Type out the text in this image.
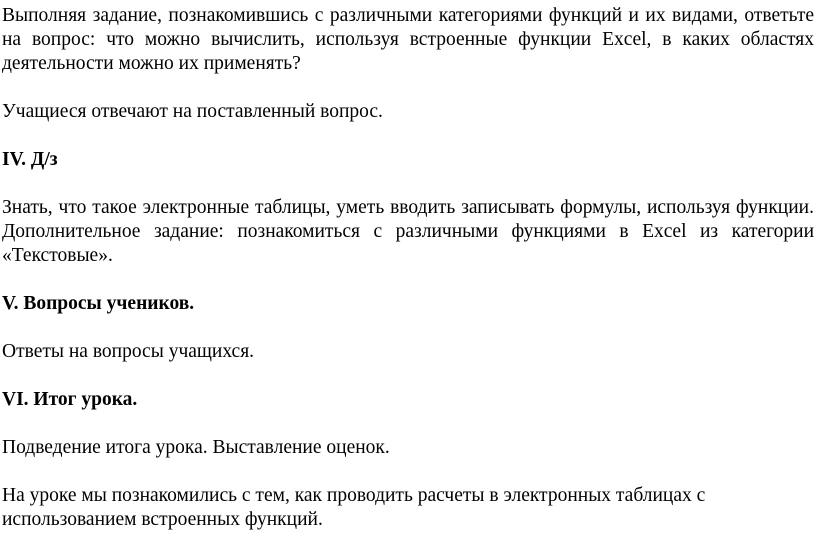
Выполняя задание, познакомившись с различными категориями функций и их видами, ответьте на вопрос: что можно вычислить, используя встроенные функции Excel, в каких областях деятельности можно их применять?

Учащиеся отвечают на поставленный вопрос.

IV. Д/з

Знать, что такое электронные таблицы, уметь вводить записывать формулы, используя функции. Дополнительное задание: познакомиться с различными функциями в Excel из категории «Текстовые».

V. Вопросы учеников.

Ответы на вопросы учащихся.

VI. Итог урока.

Подведение итога урока. Выставление оценок.

На уроке мы познакомились с тем, как проводить расчеты в электронных таблицах с использованием встроенных функций.
